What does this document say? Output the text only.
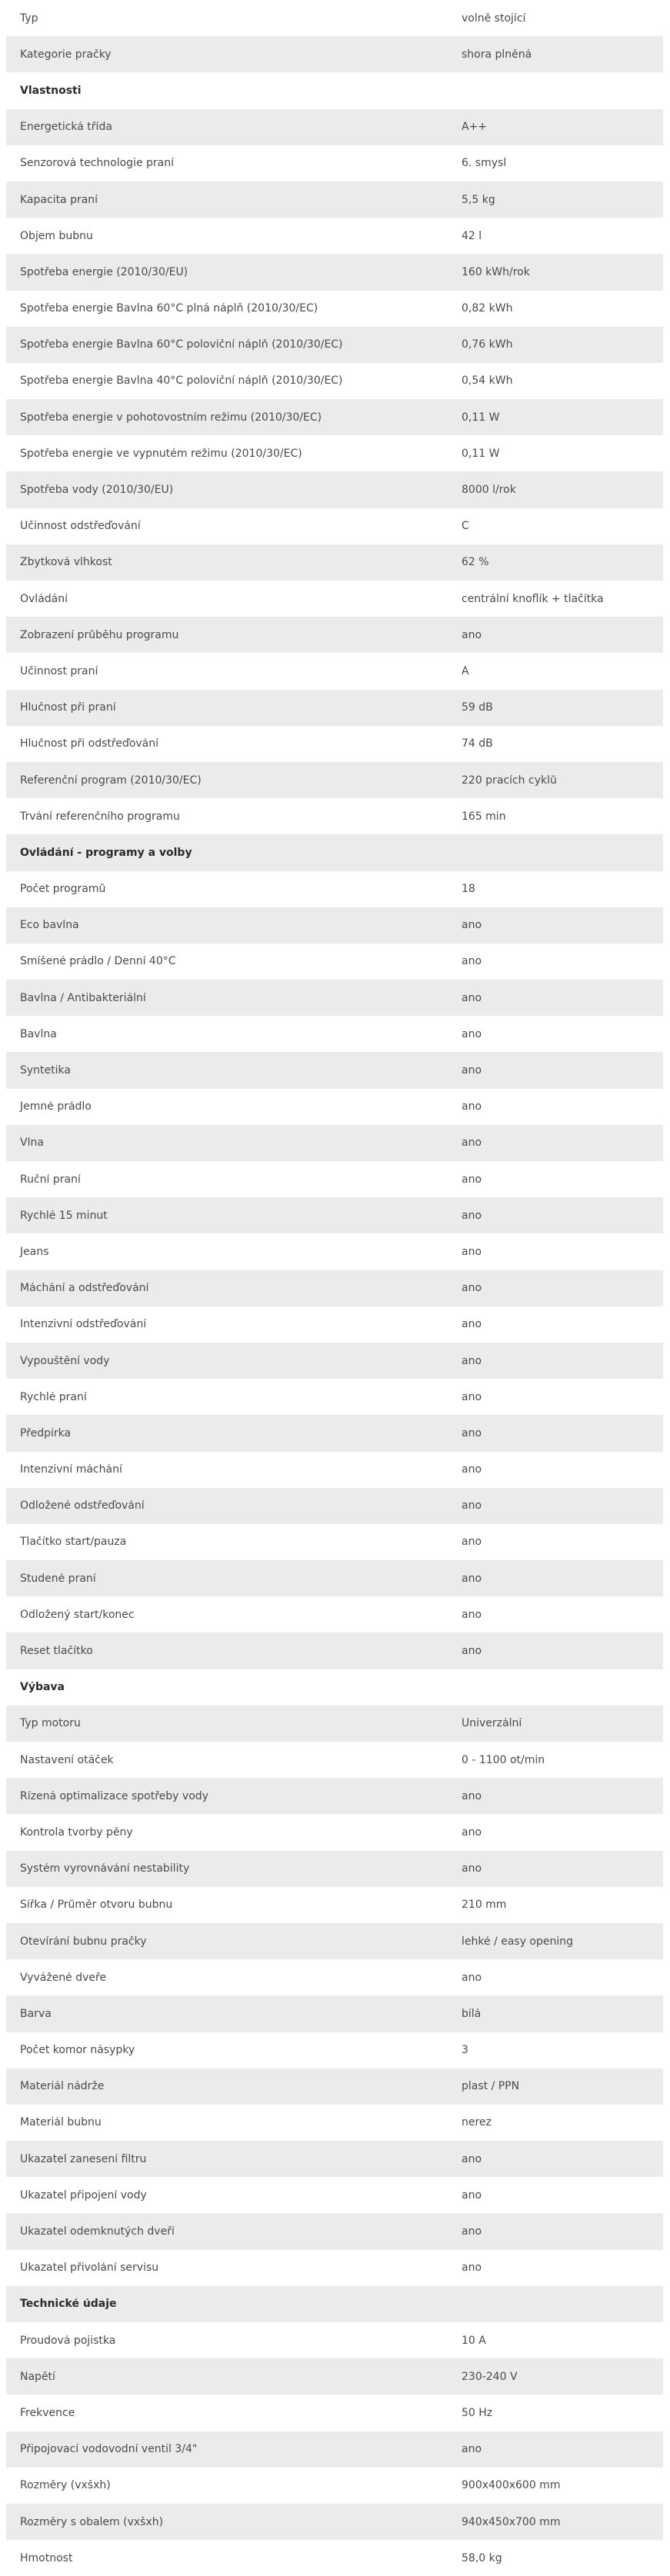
Typ	volně stojící
Kategorie pračky	shora plněná
Vlastnosti
Energetická třída	A++
Senzorová technologie praní	6. smysl
Kapacita praní	5,5 kg
Objem bubnu	42 l
Spotřeba energie (2010/30/EU)	160 kWh/rok
Spotřeba energie Bavlna 60°C plná náplň (2010/30/EC)	0,82 kWh
Spotřeba energie Bavlna 60°C poloviční náplň (2010/30/EC)	0,76 kWh
Spotřeba energie Bavlna 40°C poloviční náplň (2010/30/EC)	0,54 kWh
Spotřeba energie v pohotovostním režimu (2010/30/EC)	0,11 W
Spotřeba energie ve vypnutém režimu (2010/30/EC)	0,11 W
Spotřeba vody (2010/30/EU)	8000 l/rok
Účinnost odstřeďování	C
Zbytková vlhkost	62 %
Ovládání	centrální knoflík + tlačítka
Zobrazení průběhu programu	ano
Účinnost praní	A
Hlučnost při praní	59 dB
Hlučnost při odstřeďování	74 dB
Referenční program (2010/30/EC)	220 pracích cyklů
Trvání referenčního programu	165 min
Ovládání - programy a volby
Počet programů	18
Eco bavlna	ano
Smíšené prádlo / Denní 40°C	ano
Bavlna / Antibakteriální	ano
Bavlna	ano
Syntetika	ano
Jemné prádlo	ano
Vlna	ano
Ruční praní	ano
Rychlé 15 minut	ano
Jeans	ano
Máchání a odstřeďování	ano
Intenzivní odstřeďování	ano
Vypouštění vody	ano
Rychlé praní	ano
Předpírka	ano
Intenzivní máchání	ano
Odložené odstřeďování	ano
Tlačítko start/pauza	ano
Studené praní	ano
Odložený start/konec	ano
Reset tlačítko	ano
Výbava
Typ motoru	Univerzální
Nastavení otáček	0 - 1100 ot/min
Řízená optimalizace spotřeby vody	ano
Kontrola tvorby pěny	ano
Systém vyrovnávání nestability	ano
Šířka / Průměr otvoru bubnu	210 mm
Otevírání bubnu pračky	lehké / easy opening
Vyvážené dveře	ano
Barva	bílá
Počet komor násypky	3
Materiál nádrže	plast / PPN
Materiál bubnu	nerez
Ukazatel zanesení filtru	ano
Ukazatel připojení vody	ano
Ukazatel odemknutých dveří	ano
Ukazatel přivolání servisu	ano
Technické údaje
Proudová pojistka	10 A
Napětí	230-240 V
Frekvence	50 Hz
Připojovací vodovodní ventil 3/4"	ano
Rozměry (vxšxh)	900x400x600 mm
Rozměry s obalem (vxšxh)	940x450x700 mm
Hmotnost	58,0 kg
